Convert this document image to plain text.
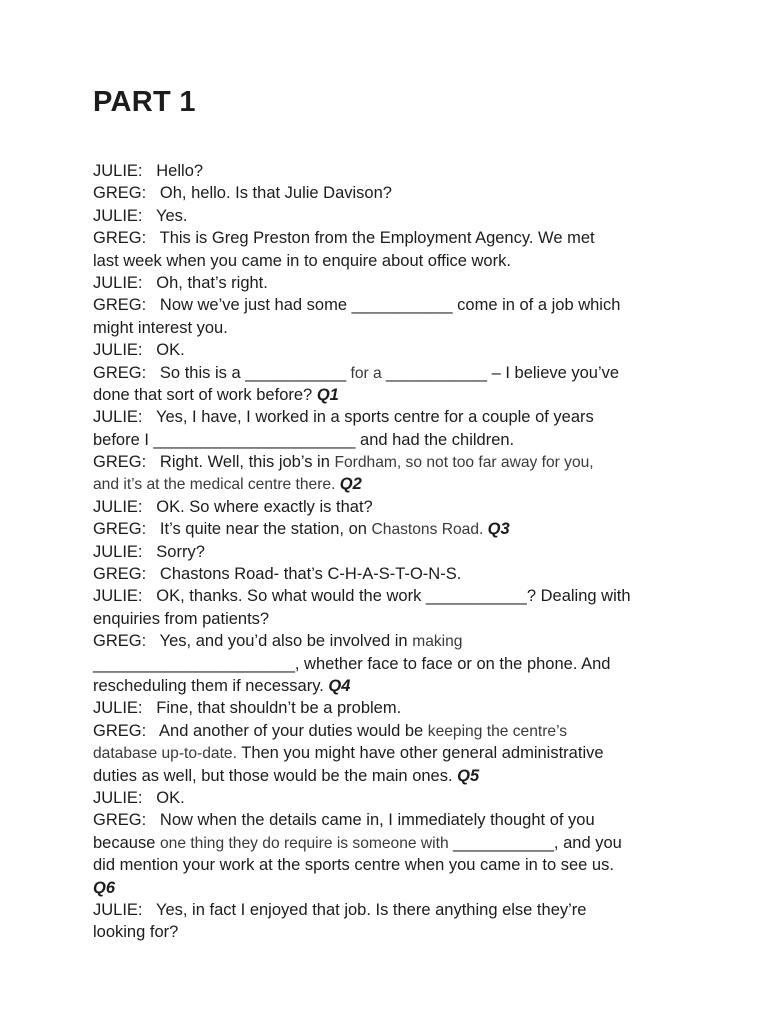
PART 1
JULIE:   Hello?
GREG:   Oh, hello. Is that Julie Davison?
JULIE:   Yes.
GREG:   This is Greg Preston from the Employment Agency. We met
last week when you came in to enquire about office work.
JULIE:   Oh, that’s right.
GREG:   Now we’ve just had some ___________ come in of a job which
might interest you.
JULIE:   OK.
GREG:   So this is a ___________ for a ___________ – I believe you’ve
done that sort of work before? Q1
JULIE:   Yes, I have, I worked in a sports centre for a couple of years
before I ______________________ and had the children.
GREG:   Right. Well, this job’s in Fordham, so not too far away for you,
and it’s at the medical centre there. Q2
JULIE:   OK. So where exactly is that?
GREG:   It’s quite near the station, on Chastons Road. Q3
JULIE:   Sorry?
GREG:   Chastons Road- that’s C-H-A-S-T-O-N-S.
JULIE:   OK, thanks. So what would the work ___________? Dealing with
enquiries from patients?
GREG:   Yes, and you’d also be involved in making
______________________, whether face to face or on the phone. And
rescheduling them if necessary. Q4
JULIE:   Fine, that shouldn’t be a problem.
GREG:   And another of your duties would be keeping the centre’s
database up-to-date. Then you might have other general administrative
duties as well, but those would be the main ones. Q5
JULIE:   OK.
GREG:   Now when the details came in, I immediately thought of you
because one thing they do require is someone with ___________, and you
did mention your work at the sports centre when you came in to see us.
Q6
JULIE:   Yes, in fact I enjoyed that job. Is there anything else they’re
looking for?
